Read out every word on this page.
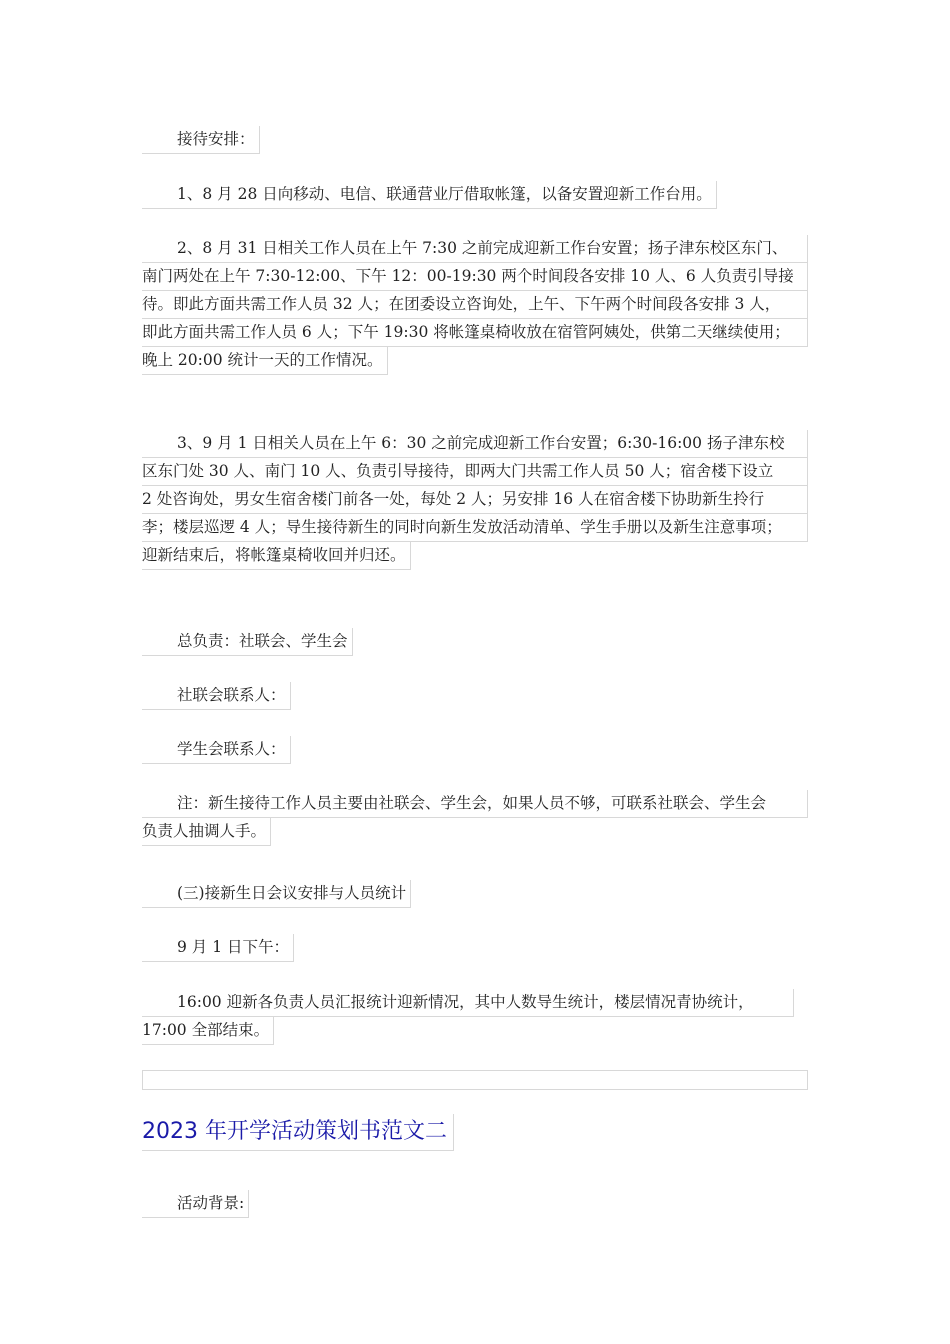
接待安排：
1、8 月 28 日向移动、电信、联通营业厅借取帐篷，以备安置迎新工作台用。
2、8 月 31 日相关工作人员在上午 7:30 之前完成迎新工作台安置；扬子津东校区东门、
南门两处在上午 7:30-12:00、下午 12：00-19:30 两个时间段各安排 10 人、6 人负责引导接
待。即此方面共需工作人员 32 人；在团委设立咨询处，上午、下午两个时间段各安排 3 人，
即此方面共需工作人员 6 人；下午 19:30 将帐篷桌椅收放在宿管阿姨处，供第二天继续使用；
晚上 20:00 统计一天的工作情况。
3、9 月 1 日相关人员在上午 6：30 之前完成迎新工作台安置；6:30-16:00 扬子津东校
区东门处 30 人、南门 10 人、负责引导接待，即两大门共需工作人员 50 人；宿舍楼下设立
2 处咨询处，男女生宿舍楼门前各一处，每处 2 人；另安排 16 人在宿舍楼下协助新生拎行
李；楼层巡逻 4 人；导生接待新生的同时向新生发放活动清单、学生手册以及新生注意事项；
迎新结束后，将帐篷桌椅收回并归还。
总负责：社联会、学生会
社联会联系人：
学生会联系人：
注：新生接待工作人员主要由社联会、学生会，如果人员不够，可联系社联会、学生会
负责人抽调人手。
(三)接新生日会议安排与人员统计
9 月 1 日下午：
16:00 迎新各负责人员汇报统计迎新情况，其中人数导生统计，楼层情况青协统计，
17:00 全部结束。
2023 年开学活动策划书范文二
活动背景:
